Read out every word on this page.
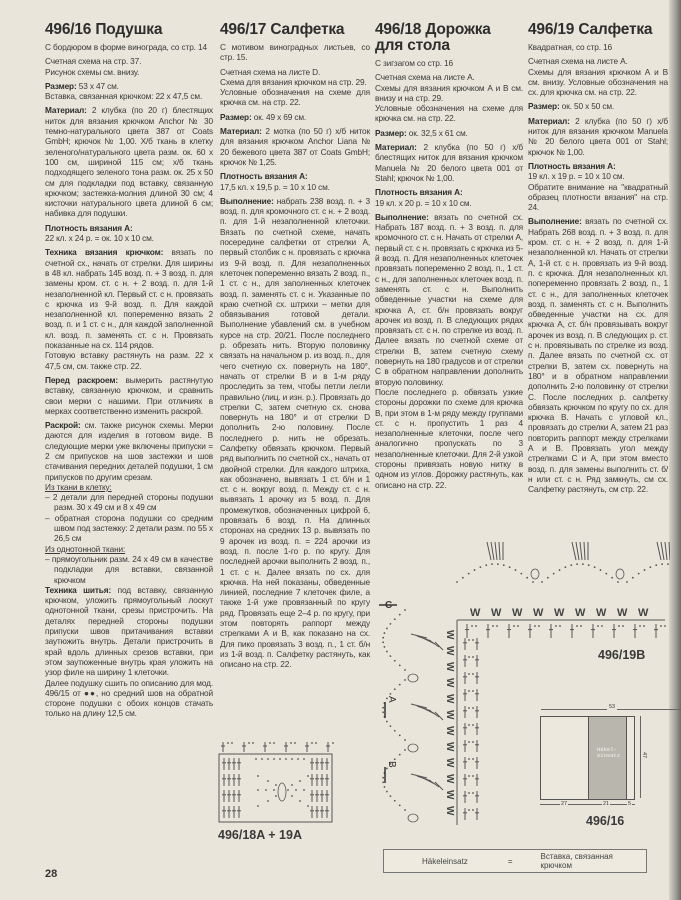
496/16 Подушка
С бордюром в форме винограда, со стр. 14
Счетная схема на стр. 37.
Рисунок схемы см. внизу.
Размер: 53 x 47 см.
Вставка, связанная крючком: 22 x 47,5 см.
Материал: 2 клубка (по 20 г) блестящих ниток для вязания крючком Anchor № 30 темно-натурального цвета 387 от Coats GmbH; крючок № 1,00. Х/б ткань в клетку зеленого/натурального цвета разм. ок. 60 x 100 см, шириной 115 см; х/б ткань подходящего зеленого тона разм. ок. 25 x 50 см для подкладки под вставку, связанную крючком; застежка-молния длиной 30 см; 4 кисточки натурального цвета длиной 6 см; набивка для подушки.
Плотность вязания А:
22 кл. x 24 р. = ок. 10 x 10 см.
Техника вязания крючком: вязать по счетной сх., начать от стрелки. Для ширины в 48 кл. набрать 145 возд. п. + 3 возд. п. для замены кром. ст. с н. + 2 возд. п. для 1-й незаполненной кл. Первый ст. с н. провязать с крючка из 9-й возд. п. Для каждой незаполненной кл. попеременно вязать 2 возд. п. и 1 ст. с н., для каждой заполненной кл. возд. п. заменять ст. с н. Провязать показанные на сх. 114 рядов.
Готовую вставку растянуть на разм. 22 x 47,5 см, см. также стр. 22.
Перед раскроем: вымерить растянутую вставку, связанную крючком, и сравнить свои мерки с нашими. При отличиях в мерках соответственно изменить раскрой.
Раскрой: см. также рисунок схемы. Мерки даются для изделия в готовом виде. В следующие мерки уже включены припуски = 2 см припусков на шов застежки и шов стачивания передних деталей подушки, 1 см припусков по другим срезам.
Из ткани в клетку:
– 2 детали для передней стороны подушки разм. 30 x 49 см и 8 x 49 см
– обратная сторона подушки со средним швом под застежку: 2 детали разм. по 55 x 26,5 см
Из однотонной ткани:
– прямоугольник разм. 24 x 49 см в качестве подкладки для вставки, связанной крючком
Техника шитья: под вставку, связанную крючком, уложить прямоугольный лоскут однотонной ткани, срезы пристрочить. На деталях передней стороны подушки припуски швов притачивания вставки заутюжить внутрь. Детали пристрочить в край вдоль длинных срезов вставки, при этом заутюженные внутрь края уложить на узор филе на ширину 1 клеточки.
Далее подушку сшить по описанию для мод. 496/15 от ●●, но средний шов на обратной стороне подушки с обоих концов стачать только на длину 12,5 см.
496/17 Салфетка
С мотивом виноградных листьев, со стр. 15.
Счетная схема на листе D.
Схема для вязания крючком на стр. 29.
Условные обозначения на схеме для крючка см. на стр. 22.
Размер: ок. 49 x 69 см.
Материал: 2 мотка (по 50 г) х/б ниток для вязания крючком Anchor Liana № 20 бежевого цвета 387 от Coats GmbH; крючок № 1,25.
Плотность вязания А:
17,5 кл. x 19,5 р. = 10 x 10 см.
Выполнение: набрать 238 возд. п. + 3 возд. п. для кромочного ст. с н. + 2 возд. п. для 1-й незаполненной клеточки. Вязать по счетной схеме, начать посередине салфетки от стрелки А, первый столбик с н. провязать с крючка из 9-й возд. п. Для незаполненных клеточек попеременно вязать 2 возд. п., 1 ст. с н., для заполненных клеточек возд. п. заменять ст. с н. Указанные по краю счетной сх. штрихи – метки для обвязывания готовой детали. Выполнение убавлений см. в учебном курсе на стр. 20/21. После последнего р. обрезать нить. Вторую половинку связать на начальном р. из возд. п., для чего счетную сх. повернуть на 180°, начать от стрелки В и в 1-м ряду проследить за тем, чтобы петли легли правильно (лиц. и изн. р.). Провязать до стрелки С, затем счетную сх. снова повернуть на 180° и от стрелки D дополнить 2-ю половину. После последнего р. нить не обрезать. Салфетку обвязать крючком. Первый ряд выполнить по счетной сх., начать от двойной стрелки. Для каждого штриха, как обозначено, вывязать 1 ст. б/н и 1 ст. с н. вокруг возд. п. Между ст. с н. вывязать 1 арочку из 5 возд. п. Для промежутков, обозначенных цифрой 6, провязать 6 возд. п. На длинных сторонах на средних 13 р. вывязать по 9 арочек из возд. п. = 224 арочки из возд. п. после 1-го р. по кругу. Для последней арочки выполнить 2 возд. п., 1 ст. с н. Далее вязать по сх. для крючка. На ней показаны, обведенные линией, последние 7 клеточек филе, а также 1-й уже провязанный по кругу ряд. Провязать еще 2–4 р. по кругу, при этом повторять раппорт между стрелками А и В, как показано на сх. Для пико провязать 3 возд. п., 1 ст. б/н из 1-й возд. п. Салфетку растянуть, как описано на стр. 22.
496/18 Дорожка
для стола
С зигзагом со стр. 16
Счетная схема на листе А.
Схемы для вязания крючком А и В см. внизу и на стр. 29.
Условные обозначения на схеме для крючка см. на стр. 22.
Размер: ок. 32,5 x 61 см.
Материал: 2 клубка (по 50 г) х/б блестящих ниток для вязания крючком Manuela № 20 белого цвета 001 от Stahl; крючок № 1,00.
Плотность вязания А:
19 кл. x 20 р. = 10 x 10 см.
Выполнение: вязать по счетной сх. Набрать 187 возд. п. + 3 возд. п. для кромочного ст. с н. Начать от стрелки А, первый ст. с н. провязать с крючка из 5-й возд. п. Для незаполненных клеточек провязать попеременно 2 возд. п., 1 ст. с н., для заполненных клеточек возд. п. заменять ст. с н. Выполнить обведенные участки на схеме для крючка А, ст. б/н провязать вокруг арочек из возд. п. В следующих рядах провязать ст. с н. по стрелке из возд. п. Далее вязать по счетной схеме от стрелки В, затем счетную схему повернуть на 180 градусов и от стрелки С в обратном направлении дополнить вторую половинку.
После последнего р. обвязать узкие стороны дорожки по схеме для крючка В, при этом в 1-м ряду между группами ст. с н. пропустить 1 раз 4 незаполненные клеточки, после чего аналогично пропускать по 3 незаполненные клеточки. Для 2-й узкой стороны привязать новую нитку в одном из углов. Дорожку растянуть, как описано на стр. 22.
496/19 Салфетка
Квадратная, со стр. 16
Счетная схема на листе А.
Схемы для вязания крючком А и В см. внизу. Условные обозначения на сх. для крючка см. на стр. 22.
Размер: ок. 50 x 50 см.
Материал: 2 клубка (по 50 г) х/б ниток для вязания крючком Manuela № 20 белого цвета 001 от Stahl; крючок № 1,00.
Плотность вязания А:
19 кл. x 19 р. = 10 x 10 см.
Обратите внимание на "квадратный образец плотности вязания" на стр. 24.
Выполнение: вязать по счетной сх. Набрать 268 возд. п. + 3 возд. п. для кром. ст. с н. + 2 возд. п. для 1-й незаполненной кл. Начать от стрелки А, 1-й ст. с н. провязать из 9-й возд. п. с крючка. Для незаполненных кл. попеременно провязать 2 возд. п., 1 ст. с н., для заполненных клеточек возд. п. заменять ст. с н. Выполнить обведенные участки на сх. для крючка А, ст. б/н провязывать вокруг арочек из возд. п. В следующих р. ст. с н. провязывать по стрелке из возд. п. Далее вязать по счетной сх. от стрелки В, затем сх. повернуть на 180° и в обратном направлении дополнить 2-ю половинку от стрелки С. После последних р. салфетку обвязать крючком по кругу по сх. для крючка В. Начать с угловой кл., провязать до стрелки А, затем 21 раз повторить раппорт между стрелками А и В. Провязать угол между стрелками С и А, при этом вместо возд. п. для замены выполнить ст. б/н или ст. с н. Ряд замкнуть, см сх. Салфетку растянуть, см стр. 22.
496/18A + 19A
W W W W W W W W W
W
W
W
W
W
W
W
W
W
W
W
W
A
B
C
496/19B
53
Häkel-
einsatz	47
27	21	5
496/16
Häkeleinsatz	=	Вставка, связанная крючком
28
